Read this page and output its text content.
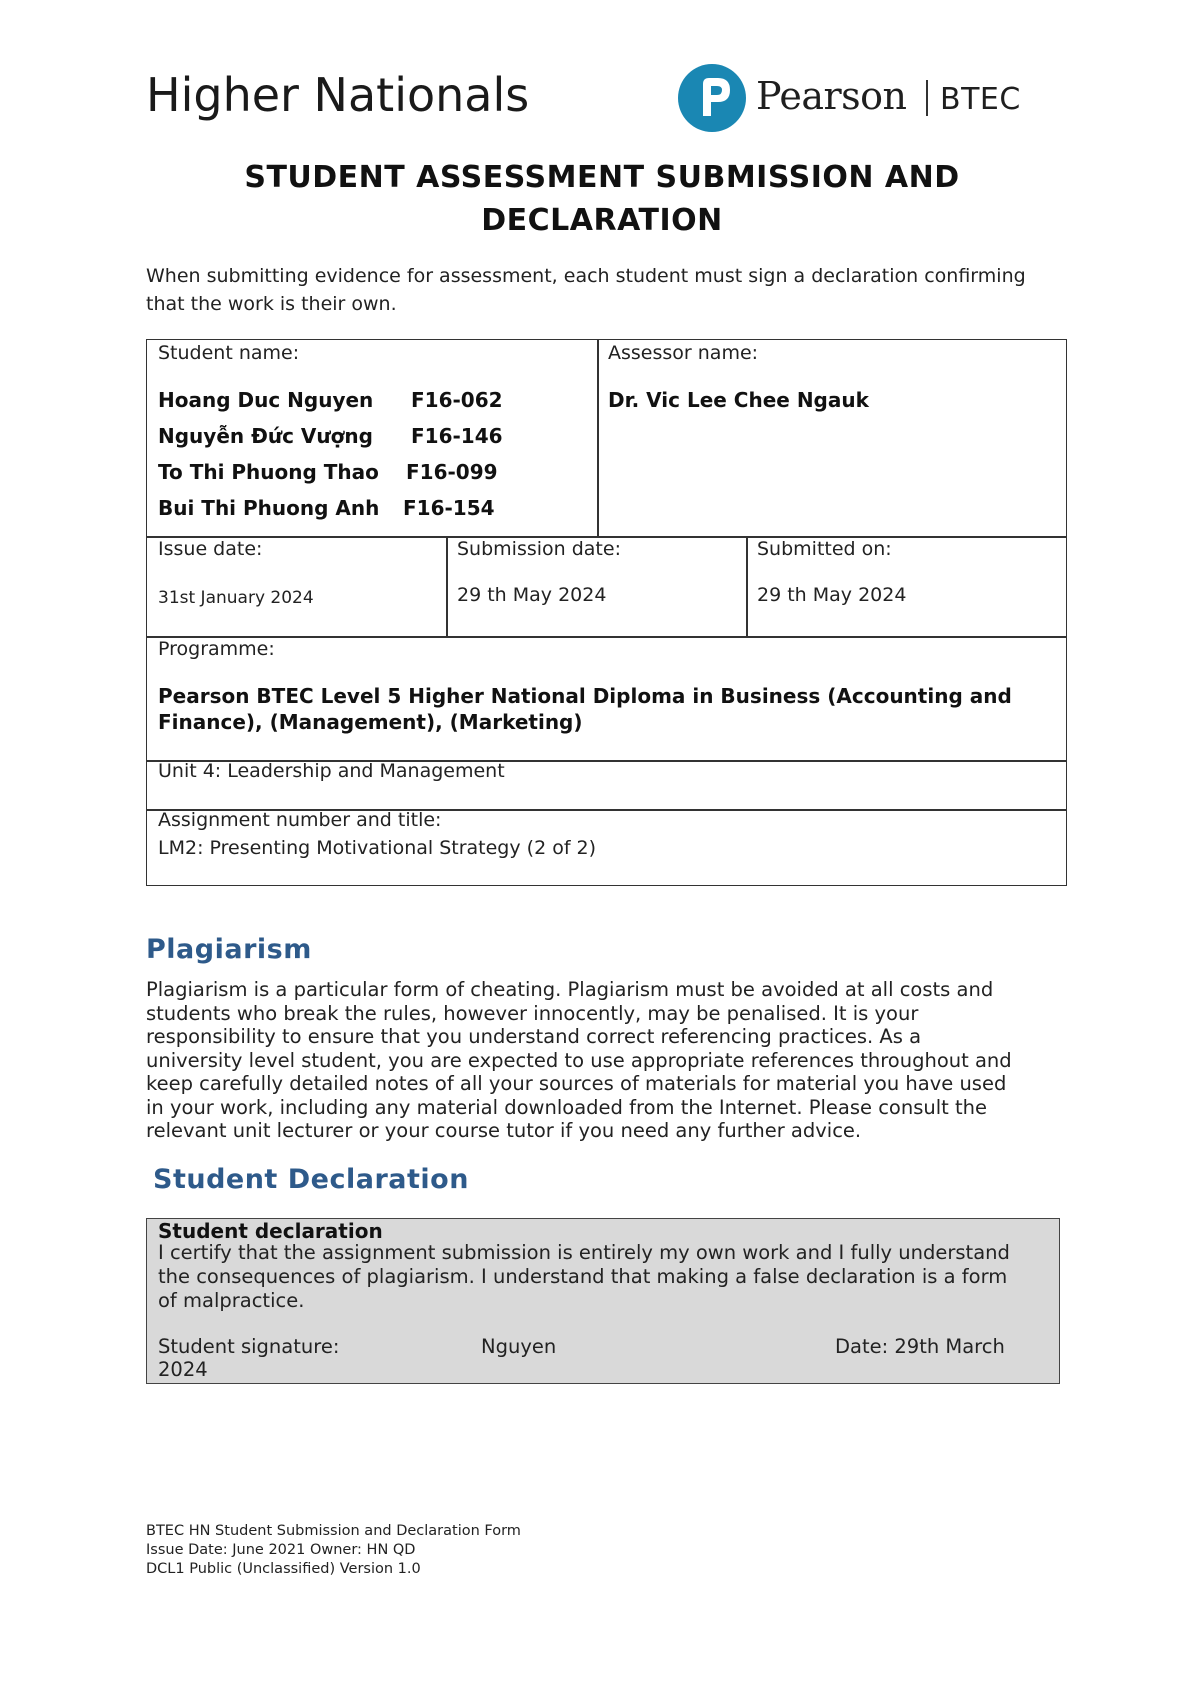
Higher Nationals	Pearson BTEC
STUDENT ASSESSMENT SUBMISSION AND
DECLARATION
When submitting evidence for assessment, each student must sign a declaration confirming that the work is their own.
Student name:
Hoang Duc Nguyen F16-062
Nguyễn Đức Vượng F16-146
To Thi Phuong Thao F16-099
Bui Thi Phuong Anh F16-154
Assessor name:
Dr. Vic Lee Chee Ngauk
Issue date:
31st January 2024
Submission date:
29 th May 2024
Submitted on:
29 th May 2024
Programme:
Pearson BTEC Level 5 Higher National Diploma in Business (Accounting and
Finance), (Management), (Marketing)
Unit 4: Leadership and Management
Assignment number and title:
LM2: Presenting Motivational Strategy (2 of 2)
Plagiarism
Plagiarism is a particular form of cheating. Plagiarism must be avoided at all costs and
students who break the rules, however innocently, may be penalised. It is your
responsibility to ensure that you understand correct referencing practices. As a
university level student, you are expected to use appropriate references throughout and
keep carefully detailed notes of all your sources of materials for material you have used
in your work, including any material downloaded from the Internet. Please consult the
relevant unit lecturer or your course tutor if you need any further advice.
Student Declaration
Student declaration
I certify that the assignment submission is entirely my own work and I fully understand
the consequences of plagiarism. I understand that making a false declaration is a form
of malpractice.
Student signature:	Nguyen	Date: 29th March
2024
BTEC HN Student Submission and Declaration Form
Issue Date: June 2021 Owner: HN QD
DCL1 Public (Unclassified) Version 1.0
